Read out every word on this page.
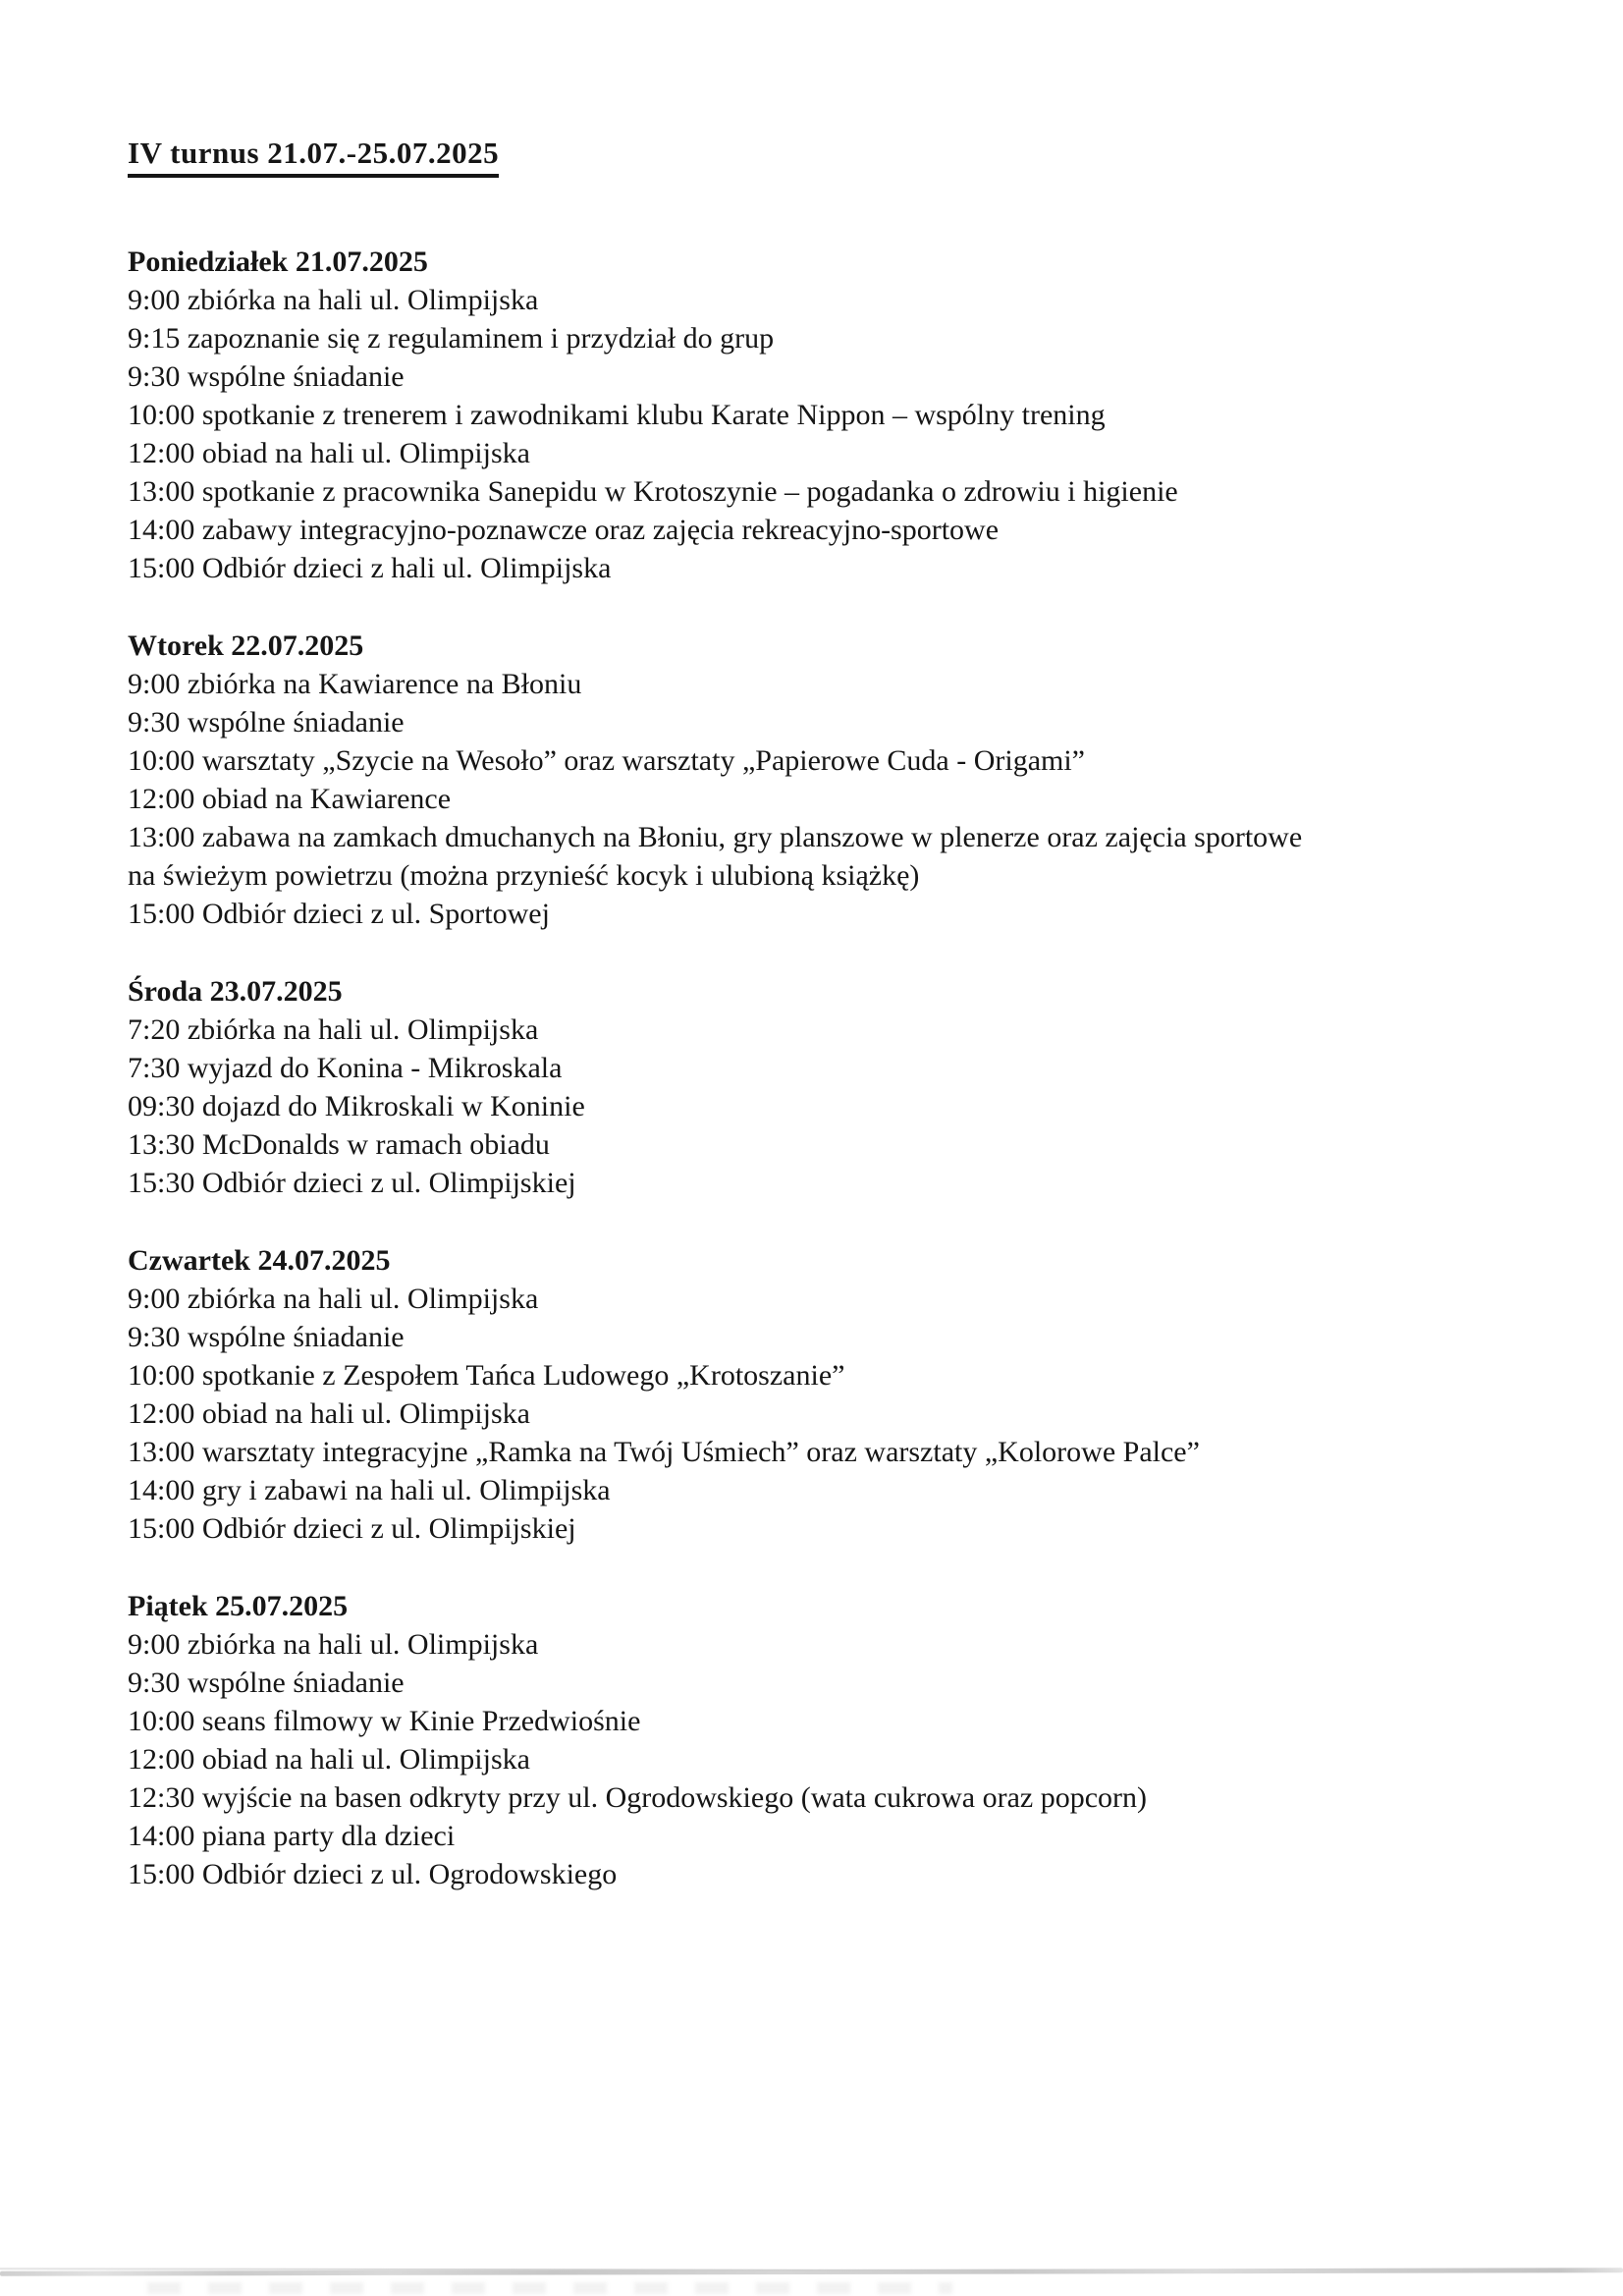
IV turnus 21.07.-25.07.2025
Poniedziałek 21.07.2025
9:00 zbiórka na hali ul. Olimpijska
9:15 zapoznanie się z regulaminem i przydział do grup
9:30 wspólne śniadanie
10:00 spotkanie z trenerem i zawodnikami klubu Karate Nippon – wspólny trening
12:00 obiad na hali ul. Olimpijska
13:00 spotkanie z pracownika Sanepidu w Krotoszynie – pogadanka o zdrowiu i higienie
14:00 zabawy integracyjno-poznawcze oraz zajęcia rekreacyjno-sportowe
15:00 Odbiór dzieci z hali ul. Olimpijska
Wtorek 22.07.2025
9:00 zbiórka na Kawiarence na Błoniu
9:30 wspólne śniadanie
10:00 warsztaty „Szycie na Wesoło” oraz warsztaty „Papierowe Cuda - Origami”
12:00 obiad na Kawiarence
13:00 zabawa na zamkach dmuchanych na Błoniu, gry planszowe w plenerze oraz zajęcia sportowe
na świeżym powietrzu (można przynieść kocyk i ulubioną książkę)
15:00 Odbiór dzieci z ul. Sportowej
Środa 23.07.2025
7:20 zbiórka na hali ul. Olimpijska
7:30 wyjazd do Konina - Mikroskala
09:30 dojazd do Mikroskali w Koninie
13:30 McDonalds w ramach obiadu
15:30 Odbiór dzieci z ul. Olimpijskiej
Czwartek 24.07.2025
9:00 zbiórka na hali ul. Olimpijska
9:30 wspólne śniadanie
10:00 spotkanie z Zespołem Tańca Ludowego „Krotoszanie”
12:00 obiad na hali ul. Olimpijska
13:00 warsztaty integracyjne „Ramka na Twój Uśmiech” oraz warsztaty „Kolorowe Palce”
14:00 gry i zabawi na hali ul. Olimpijska
15:00 Odbiór dzieci z ul. Olimpijskiej
Piątek 25.07.2025
9:00 zbiórka na hali ul. Olimpijska
9:30 wspólne śniadanie
10:00 seans filmowy w Kinie Przedwiośnie
12:00 obiad na hali ul. Olimpijska
12:30 wyjście na basen odkryty przy ul. Ogrodowskiego (wata cukrowa oraz popcorn)
14:00 piana party dla dzieci
15:00 Odbiór dzieci z ul. Ogrodowskiego
